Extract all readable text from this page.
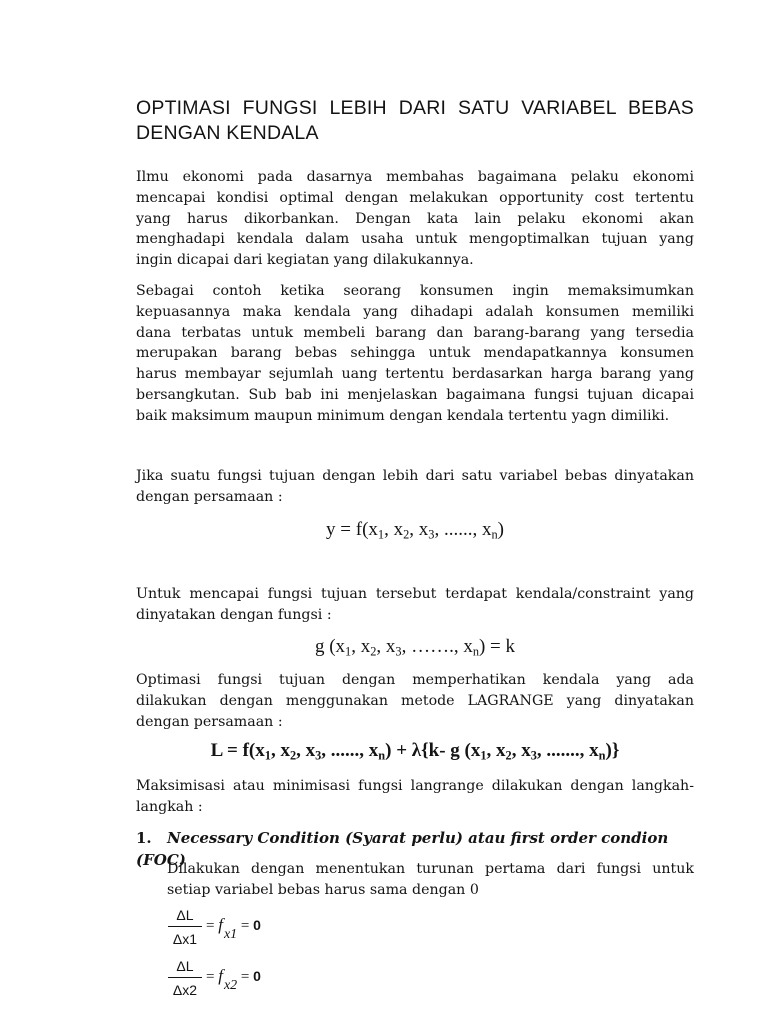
OPTIMASI FUNGSI LEBIH DARI SATU VARIABEL BEBAS
DENGAN KENDALA

Ilmu ekonomi pada dasarnya membahas bagaimana pelaku ekonomi
mencapai kondisi optimal dengan melakukan opportunity cost tertentu
yang harus dikorbankan. Dengan kata lain pelaku ekonomi akan
menghadapi kendala dalam usaha untuk mengoptimalkan tujuan yang
ingin dicapai dari kegiatan yang dilakukannya.

Sebagai contoh ketika seorang konsumen ingin memaksimumkan
kepuasannya maka kendala yang dihadapi adalah konsumen memiliki
dana terbatas untuk membeli barang dan barang-barang yang tersedia
merupakan barang bebas sehingga untuk mendapatkannya konsumen
harus membayar sejumlah uang tertentu berdasarkan harga barang yang
bersangkutan. Sub bab ini menjelaskan bagaimana fungsi tujuan dicapai
baik maksimum maupun minimum dengan kendala tertentu yagn dimiliki.

Jika suatu fungsi tujuan dengan lebih dari satu variabel bebas dinyatakan
dengan persamaan :

$y = f(x_1$, $x_2$, $x_3$, ......, $x_n$)

Untuk mencapai fungsi tujuan tersebut terdapat kendala/constraint yang
dinyatakan dengan fungsi :

g ($x_1$, $x_2$, $x_3$, ……., $x_n) = k$

Optimasi fungsi tujuan dengan memperhatikan kendala yang ada
dilakukan dengan menggunakan metode LAGRANGE yang dinyatakan
dengan persamaan :

$L = f(x_1$, $x_2$, $x_3$, ......, $x_n) + \lambda\{k-$ g ($x_1$, $x_2$, $x_3$, ......., $x_n$)}

Maksimisasi atau minimisasi fungsi langrange dilakukan dengan langkah-
langkah :

1. Necessary Condition (Syarat perlu) atau first order condion (FOC)
Dilakukan dengan menentukan turunan pertama dari fungsi untuk
setiap variabel bebas harus sama dengan 0
ΔL
Δx1
= fx1 = 0
ΔL
Δx2
= fx2 = 0
